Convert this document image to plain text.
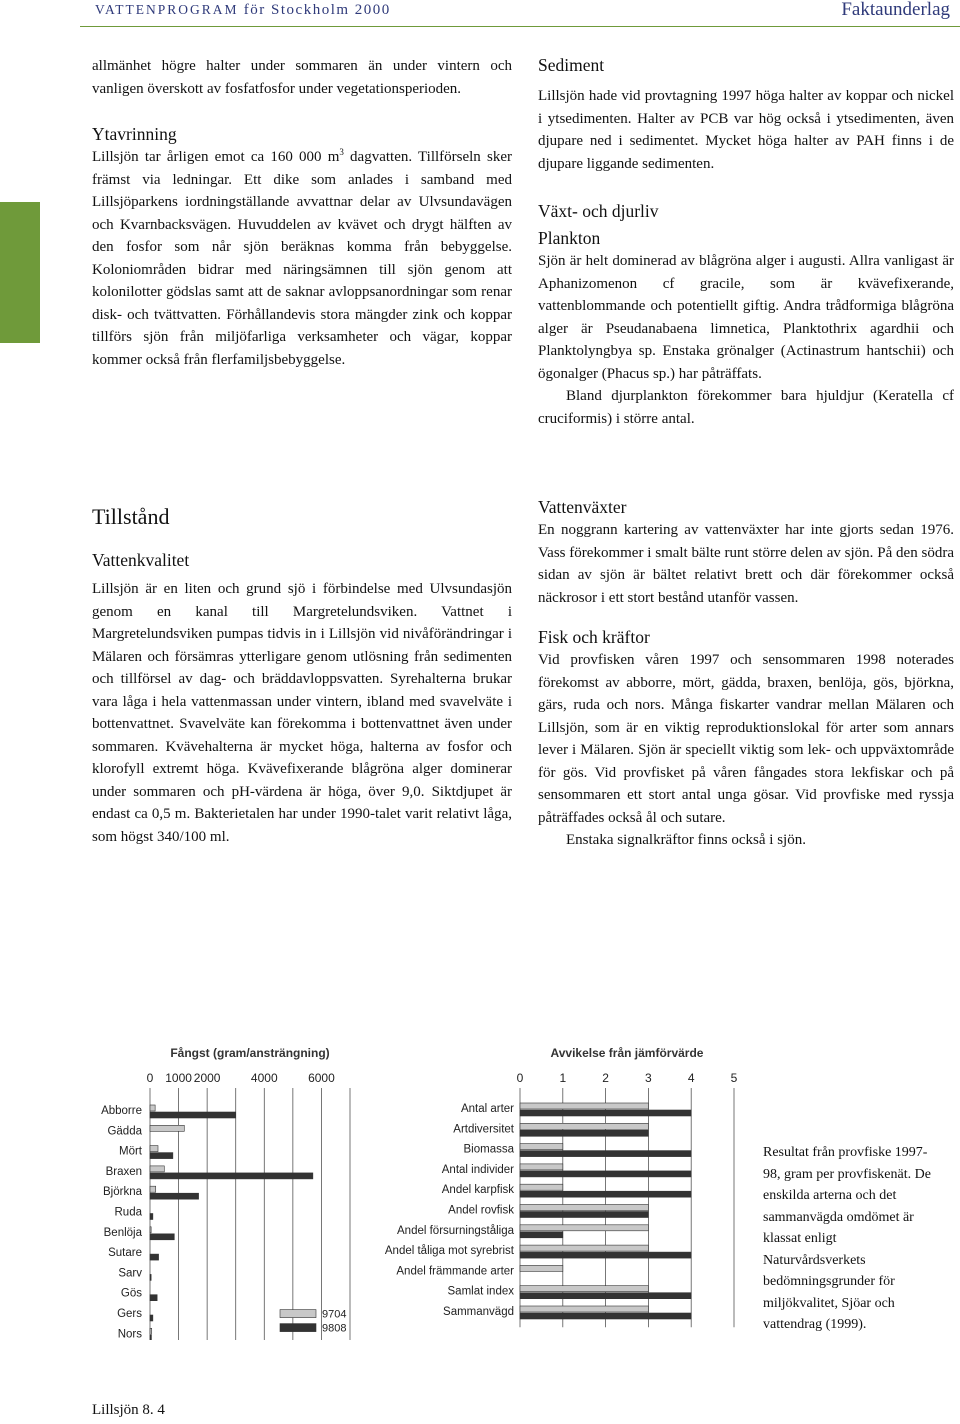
VATTENPROGRAM för Stockholm 2000	Faktaunderlag

allmänhet högre halter under sommaren än under vintern och vanligen överskott av fosfatfosfor under vegetationsperioden.

Ytavrinning

Lillsjön tar årligen emot ca 160 000 $m^3$ dagvatten. Tillförseln sker främst via ledningar. Ett dike som anlades i samband med Lillsjöparkens iordningställande avvattnar delar av Ulvsundavägen och Kvarnbacksvägen. Huvuddelen av kvävet och drygt hälften av den fosfor som når sjön beräknas komma från bebyggelse. Koloniområden bidrar med näringsämnen till sjön genom att kolonilotter gödslas samt att de saknar avloppsanordningar som renar disk- och tvättvatten. Förhållandevis stora mängder zink och koppar tillförs sjön från miljöfarliga verksamheter och vägar, koppar kommer också från flerfamiljsbebyggelse.

Tillstånd

Vattenkvalitet

Lillsjön är en liten och grund sjö i förbindelse med Ulvsundasjön genom en kanal till Margretelundsviken. Vattnet i Margretelundsviken pumpas tidvis in i Lillsjön vid nivåförändringar i Mälaren och försämras ytterligare genom utlösning från sedimenten och tillförsel av dag- och bräddavloppsvatten. Syrehalterna brukar vara låga i hela vattenmassan under vintern, ibland med svavelväte i bottenvattnet. Svavelväte kan förekomma i bottenvattnet även under sommaren. Kvävehalterna är mycket höga, halterna av fosfor och klorofyll extremt höga. Kvävefixerande blågröna alger dominerar under sommaren och pH-värdena är höga, över 9,0. Siktdjupet är endast ca 0,5 m. Bakterietalen har under 1990-talet varit relativt låga, som högst 340/100 ml.

Sediment

Lillsjön hade vid provtagning 1997 höga halter av koppar och nickel i ytsedimenten. Halter av PCB var hög också i ytsedimenten, även djupare ned i sedimentet. Mycket höga halter av PAH finns i de djupare liggande sedimenten.

Växt- och djurliv

Plankton

Sjön är helt dominerad av blågröna alger i augusti. Allra vanligast är Aphanizomenon cf gracile, som är kvävefixerande, vattenblommande och potentiellt giftig. Andra trådformiga blågröna alger är Pseudanabaena limnetica, Planktothrix agardhii och Planktolyngbya sp. Enstaka grönalger (Actinastrum hantschii) och ögonalger (Phacus sp.) har påträffats.

Bland djurplankton förekommer bara hjuldjur (Keratella cf cruciformis) i större antal.

Vattenväxter

En noggrann kartering av vattenväxter har inte gjorts sedan 1976. Vass förekommer i smalt bälte runt större delen av sjön. På den södra sidan av sjön är bältet relativt brett och där förekommer också näckrosor i ett stort bestånd utanför vassen.

Fisk och kräftor

Vid provfisken våren 1997 och sensommaren 1998 noterades förekomst av abborre, mört, gädda, braxen, benlöja, gös, björkna, gärs, ruda och nors. Många fiskarter vandrar mellan Mälaren och Lillsjön, som är en viktig reproduktionslokal för arter som annars lever i Mälaren. Sjön är speciellt viktig som lek- och uppväxtområde för gös. Vid provfisket på våren fångades stora lekfiskar och på sensommaren ett stort antal unga gösar. Vid provfiske med ryssja påträffades också ål och sutare.

Enstaka signalkräftor finns också i sjön.

Fångst (gram/ansträngning)
0 1000 2000	4000	6000
Abborre
Gädda
Mört
Braxen
Björkna
Ruda
Benlöja
Sutare
Sarv
Gös
Gers
Nors
9704
9808
Avvikelse från jämförvärde
0	1	2	3	4	5
Antal arter
Artdiversitet
Biomassa
Antal individer
Andel karpfisk
Andel rovfisk
Andel försurningståliga
Andel tåliga mot syrebrist
Andel främmande arter
Samlat index
Sammanvägd
Resultat från provfiske 1997-98, gram per provfiskenät. De enskilda arterna och det sammanvägda omdömet är klassat enligt Naturvårdsverkets bedömningsgrunder för miljökvalitet, Sjöar och vattendrag (1999).
Lillsjön 8. 4
